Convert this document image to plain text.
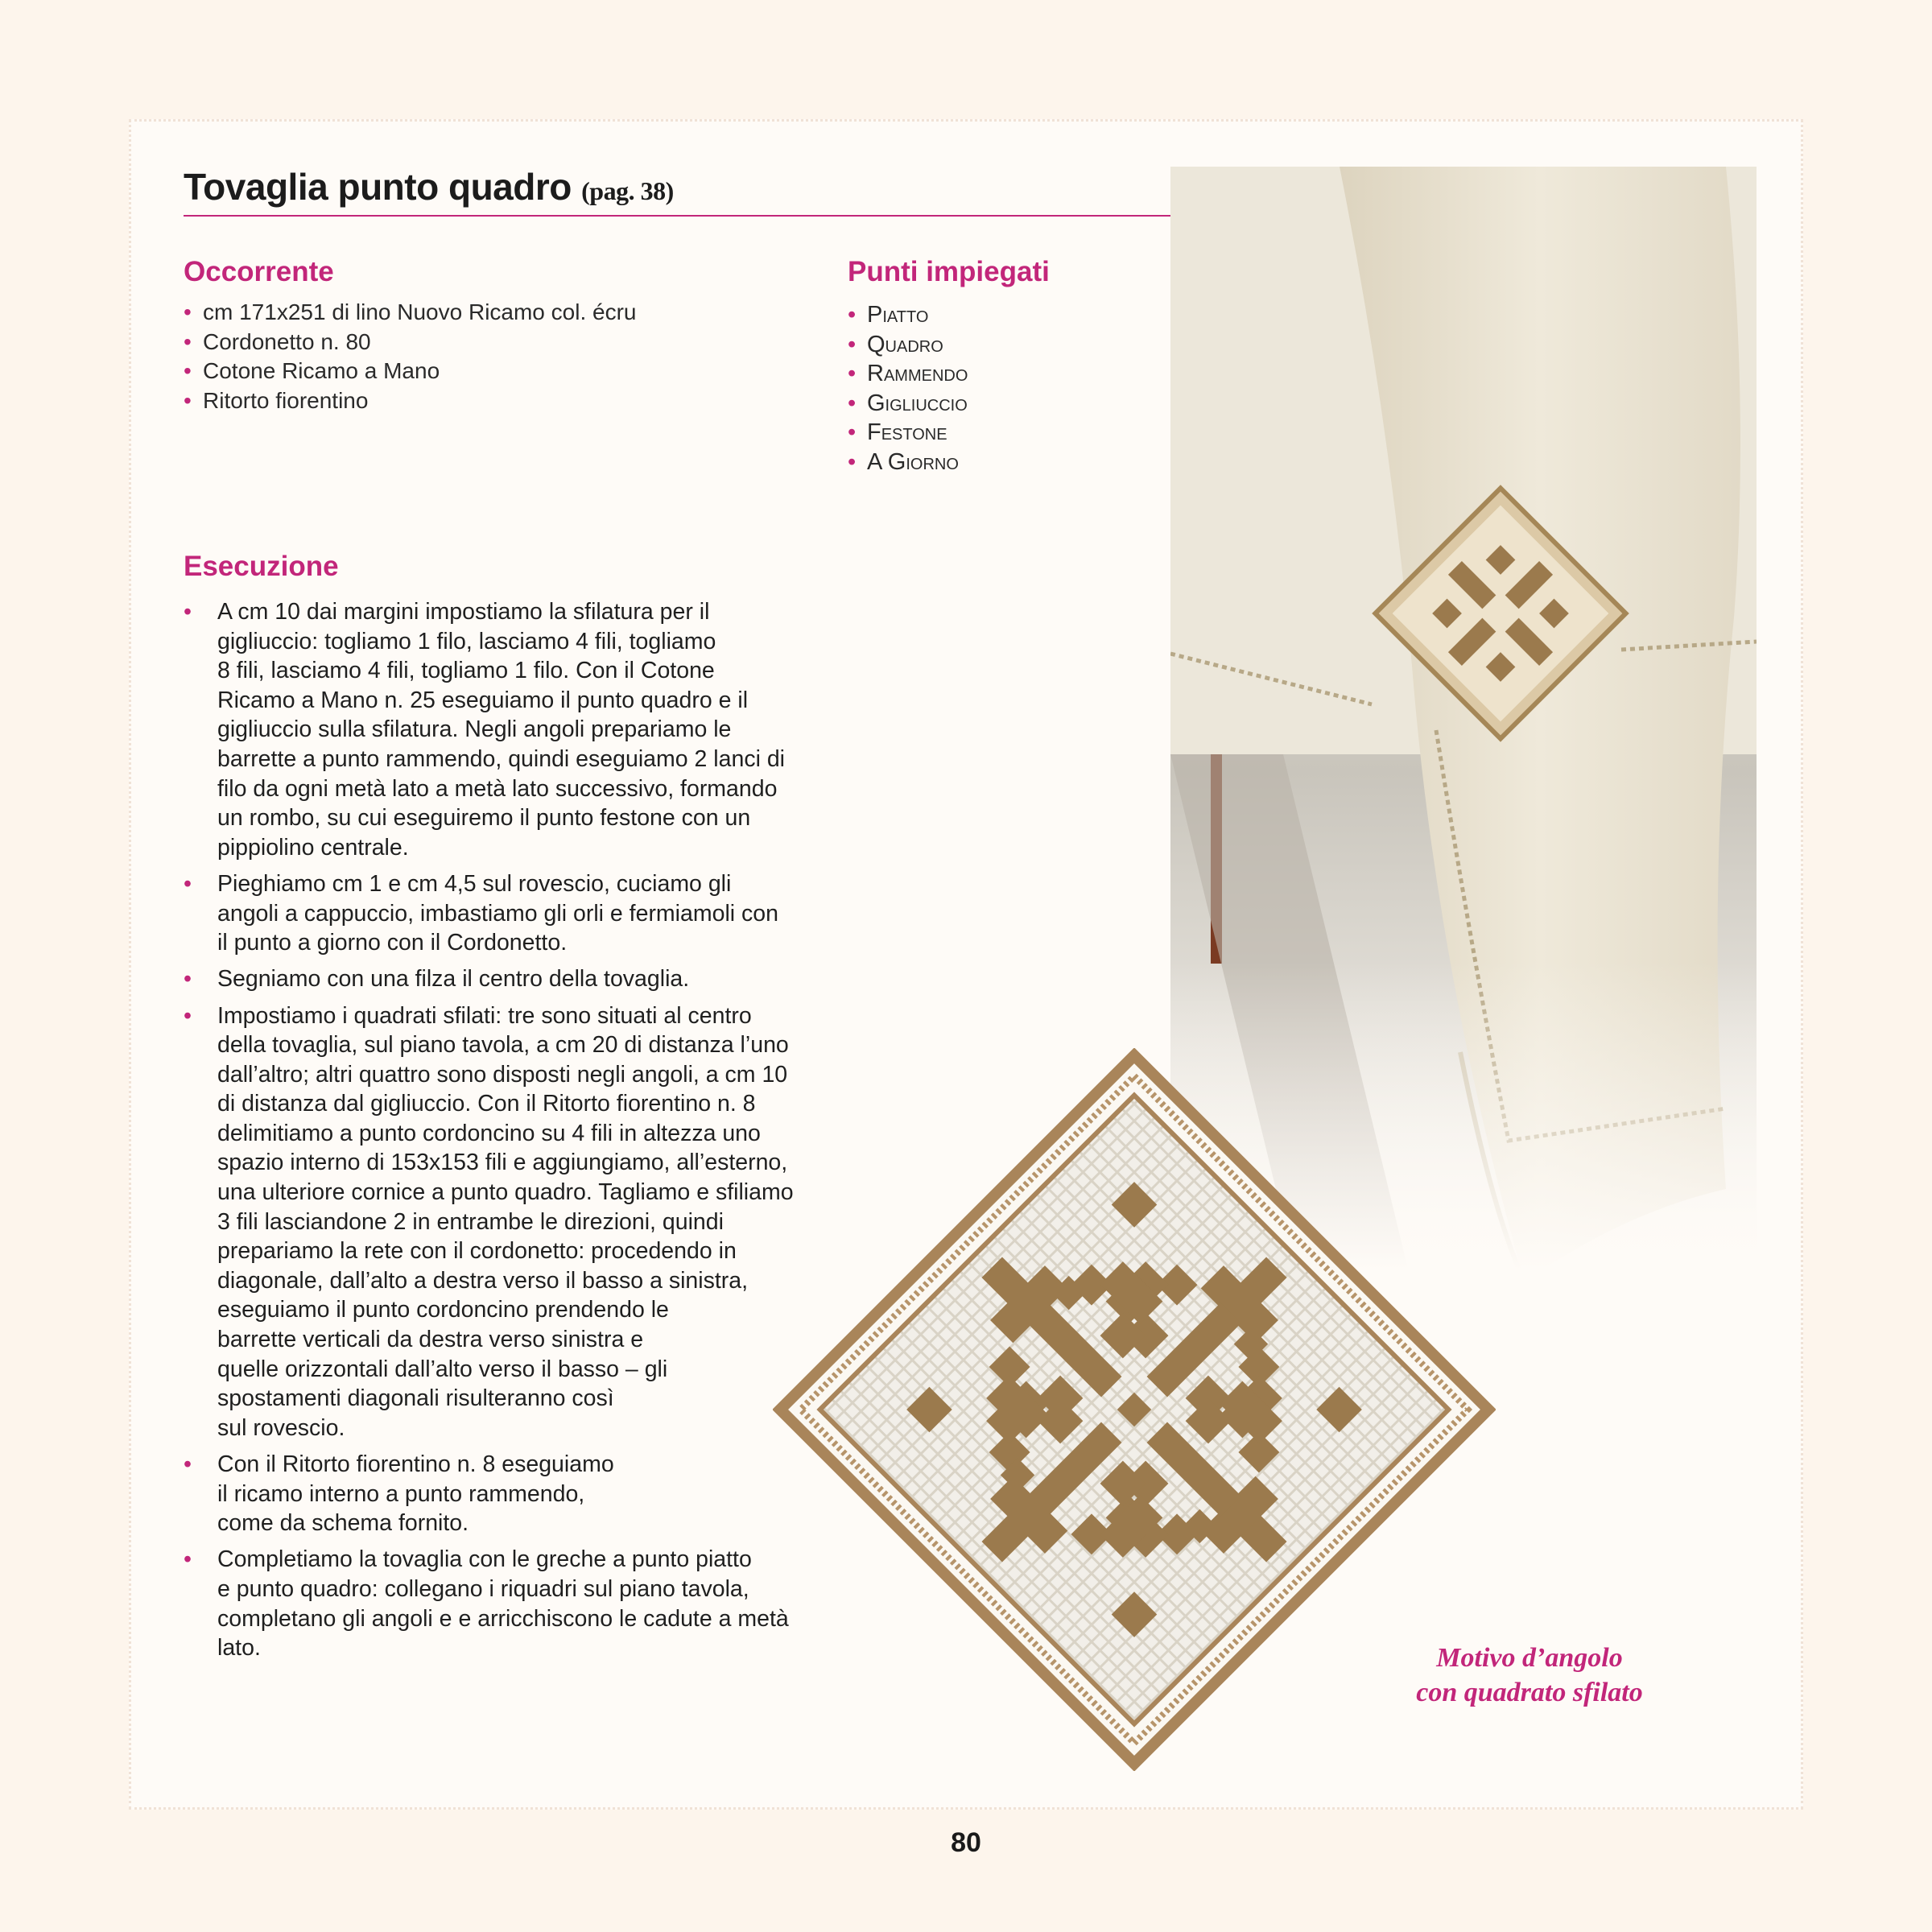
Tovaglia punto quadro (pag. 38)
Occorrente
• cm 171x251 di lino Nuovo Ricamo col. écru
• Cordonetto n. 80
• Cotone Ricamo a Mano
• Ritorto fiorentino
Punti impiegati
• Piatto
• Quadro
• Rammendo
• Gigliuccio
• Festone
• A Giorno
Esecuzione
• A cm 10 dai margini impostiamo la sfilatura per il
gigliuccio: togliamo 1 filo, lasciamo 4 fili, togliamo
8 fili, lasciamo 4 fili, togliamo 1 filo. Con il Cotone
Ricamo a Mano n. 25 eseguiamo il punto quadro e il
gigliuccio sulla sfilatura. Negli angoli prepariamo le
barrette a punto rammendo, quindi eseguiamo 2 lanci di
filo da ogni metà lato a metà lato successivo, formando
un rombo, su cui eseguiremo il punto festone con un
pippiolino centrale.
• Pieghiamo cm 1 e cm 4,5 sul rovescio, cuciamo gli
angoli a cappuccio, imbastiamo gli orli e fermiamoli con
il punto a giorno con il Cordonetto.
• Segniamo con una filza il centro della tovaglia.
• Impostiamo i quadrati sfilati: tre sono situati al centro
della tovaglia, sul piano tavola, a cm 20 di distanza l’uno
dall’altro; altri quattro sono disposti negli angoli, a cm 10
di distanza dal gigliuccio. Con il Ritorto fiorentino n. 8
delimitiamo a punto cordoncino su 4 fili in altezza uno
spazio interno di 153x153 fili e aggiungiamo, all’esterno,
una ulteriore cornice a punto quadro. Tagliamo e sfiliamo
3 fili lasciandone 2 in entrambe le direzioni, quindi
prepariamo la rete con il cordonetto: procedendo in
diagonale, dall’alto a destra verso il basso a sinistra,
eseguiamo il punto cordoncino prendendo le
barrette verticali da destra verso sinistra e
quelle orizzontali dall’alto verso il basso – gli
spostamenti diagonali risulteranno così
sul rovescio.
• Con il Ritorto fiorentino n. 8 eseguiamo
il ricamo interno a punto rammendo,
come da schema fornito.
• Completiamo la tovaglia con le greche a punto piatto
e punto quadro: collegano i riquadri sul piano tavola,
completano gli angoli e e arricchiscono le cadute a metà
lato.	Motivo d’angolo
con quadrato sfilato
80
